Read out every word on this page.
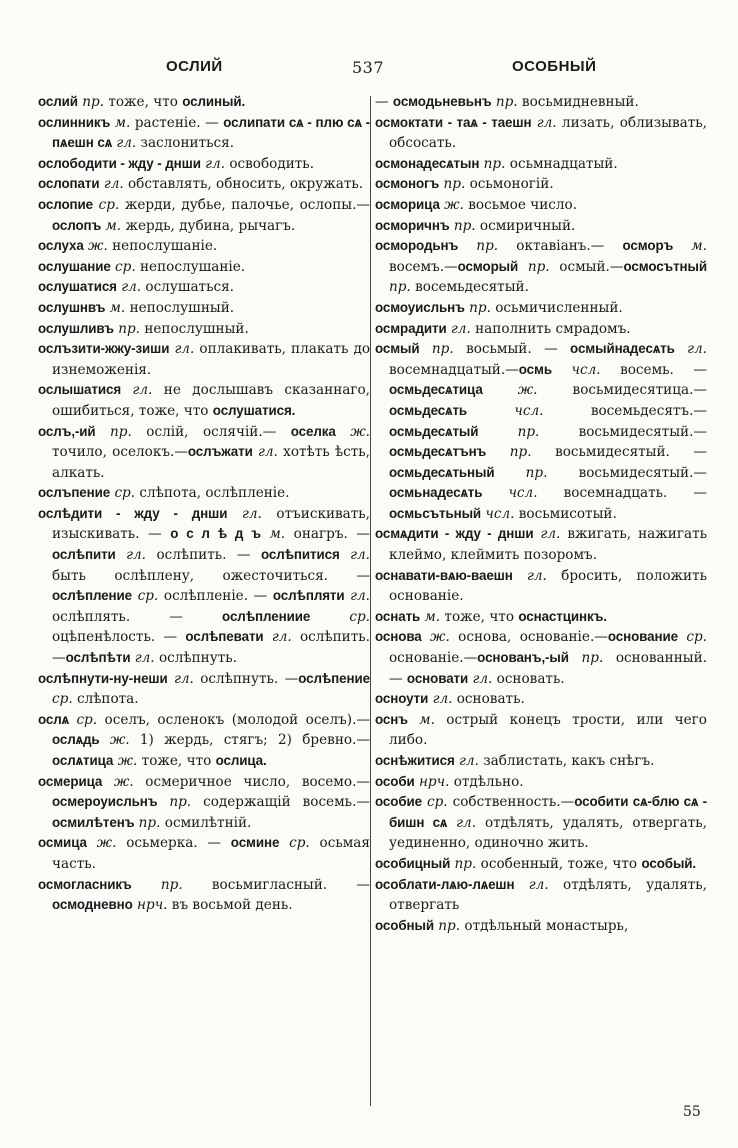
ОСЛИЙ	537	ОСОБНЫЙ

ослий пр. тоже, что ослиный.

ослинникъ м. растеніе. — ослипати сѧ - плю сѧ - пѧешн сѧ гл. заслониться.

ослободити - жду - днши гл. освободить.

ослопати гл. обставлять, обносить, окружать.

ослопие ср. жерди, дубье, палочье, ослопы.—ослопъ м. жердь, дубина, рычагъ.

ослуха ж. непослушаніе.

ослушание ср. непослушаніе.

ослушатися гл. ослушаться.

ослушнвъ м. непослушный.

ослушливъ пр. непослушный.

ослъзити-жжу-зиши гл. оплакивать, плакать до изнеможенія.

ослышатися гл. не дослышавъ сказаннаго, ошибиться, тоже, что ослушатися.

ослъ,-ий пр. ослій, ослячій.— оселка ж. точило, оселокъ.—ослъжати гл. хотѣть ѣсть, алкать.

ослъпение ср. слѣпота, ослѣпленіе.

ослѣдити - жду - днши гл. отъискивать, изыскивать. — о с л ѣ д ъ м. онагръ. — ослѣпити гл. ослѣпить. — ослѣпитися гл. быть ослѣплену, ожесточиться. — ослѣпление ср. ослѣпленіе. — ослѣпляти гл. ослѣплять. — ослѣплениие ср. оцѣпенѣлость. — ослѣпевати гл. ослѣпить. —ослѣпѣти гл. ослѣпнуть.

ослѣпнути-ну-неши гл. ослѣпнуть. —ослѣпение ср. слѣпота.

ослѧ ср. оселъ, осленокъ (молодой оселъ).—ослѧдь ж. 1) жердь, стягъ; 2) бревно.—ослѧтица ж. тоже, что ослица.

осмерица ж. осмеричное число, восемо.—осмероуисльнъ пр. содержащій восемь.—осмилѣтенъ пр. осмилѣтній.

осмица ж. осьмерка. — осмине ср. осьмая часть.

осмогласникъ пр. восьмигласный. —осмодневно нрч. въ восьмой день.

— осмодьневьнъ пр. восьмидневный.

осмоктати - таѧ - таешн гл. лизать, облизывать, обсосать.

осмонадесѧтын пр. осьмнадцатый.

осмоногъ пр. осьмоногій.

осморица ж. восьмое число.

осморичнъ пр. осмиричный.

осмородьнъ пр. октавіанъ.— осморъ м. восемъ.—осморый пр. осмый.—осмосътный пр. восемьдесятый.

осмоуисльнъ пр. осьмичисленный.

осмрадити гл. наполнить смрадомъ.

осмый пр. восьмый. — осмыйнадесѧть гл. восемнадцатый.—осмь чсл. восемь. — осмьдесѧтица ж. восьмидесятица.—осмьдесѧть чсл. восемьдесятъ.—осмьдесѧтый пр. восьмидесятый.—осмьдесѧтънъ пр. восьмидесятый. — осмьдесѧтьный пр. восьмидесятый.—осмьнадесѧть чсл. восемнадцать. — осмьсътьный чсл. восьмисотый.

осмѧдити - жду - днши гл. вжигать, нажигать клеймо, клеймить позоромъ.

оснавати-вѧю-ваешн гл. бросить, положить основаніе.

оснать м. тоже, что оснастцинкъ.

основа ж. основа, основаніе.—основание ср. основаніе.—основанъ,-ый пр. основанный. — основати гл. основать.

осноути гл. основать.

оснъ м. острый конецъ трости, или чего либо.

оснѣжитися гл. заблистать, какъ снѣгъ.

особи нрч. отдѣльно.

особие ср. собственность.—особити сѧ-блю сѧ - бишн сѧ гл. отдѣлять, удалять, отвергать, уединенно, одиночно жить.

особицный пр. особенный, тоже, что особый.

особлати-лѧю-лѧешн гл. отдѣлять, удалять, отвергать

особный пр. отдѣльный монастырь,

55
